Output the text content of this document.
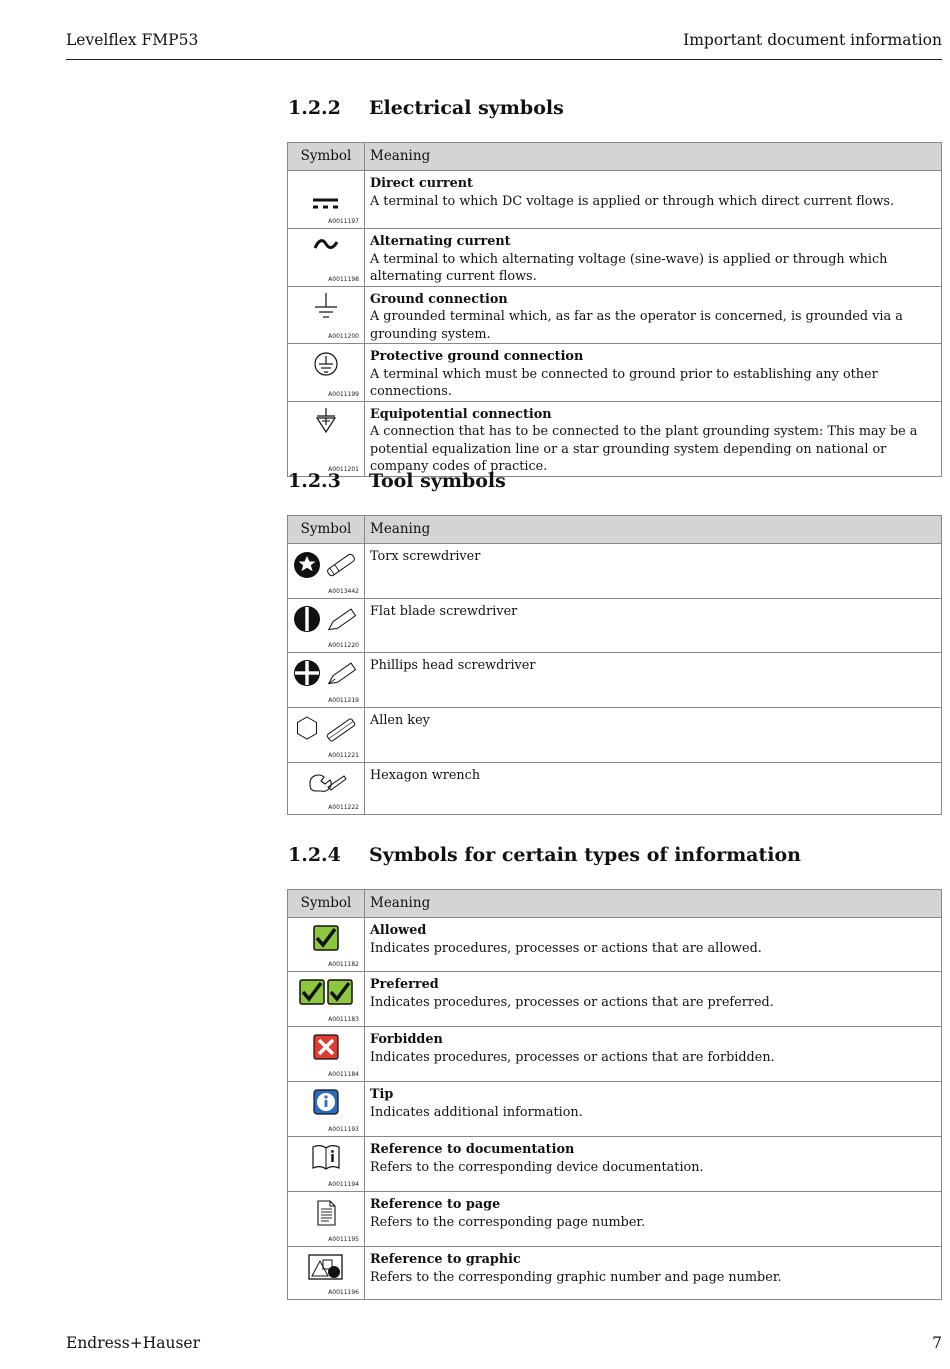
Levelflex FMP53	Important document information
1.2.2 Electrical symbols
Symbol	Meaning

A0011197	Direct current
A terminal to which DC voltage is applied or through which direct current flows.

A0011198	Alternating current
A terminal to which alternating voltage (sine-wave) is applied or through which alternating current flows.

A0011200	Ground connection
A grounded terminal which, as far as the operator is concerned, is grounded via a grounding system.

A0011199	Protective ground connection
A terminal which must be connected to ground prior to establishing any other connections.

A0011201	Equipotential connection
A connection that has to be connected to the plant grounding system: This may be a potential equalization line or a star grounding system depending on national or company codes of practice.
1.2.3 Tool symbols
Symbol	Meaning

A0013442	Torx screwdriver

A0011220	Flat blade screwdriver

A0011219	Phillips head screwdriver

A0011221	Allen key

A0011222	Hexagon wrench
1.2.4 Symbols for certain types of information
Symbol	Meaning

A0011182	Allowed
Indicates procedures, processes or actions that are allowed.

A0011183	Preferred
Indicates procedures, processes or actions that are preferred.

A0011184	Forbidden
Indicates procedures, processes or actions that are forbidden.

A0011193	Tip
Indicates additional information.

A0011194	Reference to documentation
Refers to the corresponding device documentation.

A0011195	Reference to page
Refers to the corresponding page number.

A0011196	Reference to graphic
Refers to the corresponding graphic number and page number.
Endress+Hauser	7
